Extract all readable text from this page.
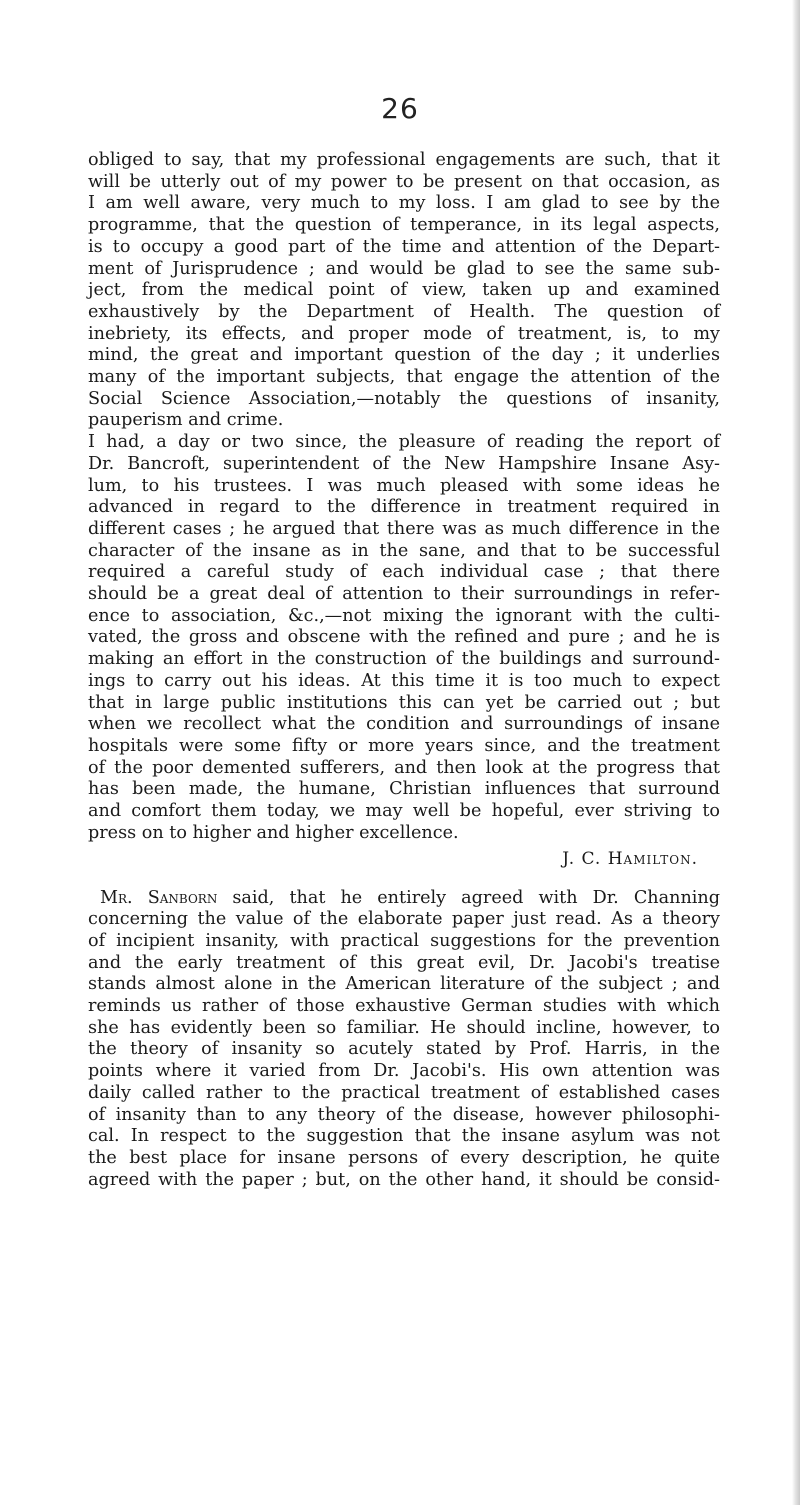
26
obliged to say, that my professional engagements are such, that it
will be utterly out of my power to be present on that occasion, as
I am well aware, very much to my loss. I am glad to see by the
programme, that the question of temperance, in its legal aspects,
is to occupy a good part of the time and attention of the Depart-
ment of Jurisprudence ; and would be glad to see the same sub-
ject, from the medical point of view, taken up and examined
exhaustively by the Department of Health. The question of
inebriety, its effects, and proper mode of treatment, is, to my
mind, the great and important question of the day ; it underlies
many of the important subjects, that engage the attention of the
Social Science Association,—notably the questions of insanity,
pauperism and crime.
I had, a day or two since, the pleasure of reading the report of
Dr. Bancroft, superintendent of the New Hampshire Insane Asy-
lum, to his trustees. I was much pleased with some ideas he
advanced in regard to the difference in treatment required in
different cases ; he argued that there was as much difference in the
character of the insane as in the sane, and that to be successful
required a careful study of each individual case ; that there
should be a great deal of attention to their surroundings in refer-
ence to association, &c.,—not mixing the ignorant with the culti-
vated, the gross and obscene with the refined and pure ; and he is
making an effort in the construction of the buildings and surround-
ings to carry out his ideas. At this time it is too much to expect
that in large public institutions this can yet be carried out ; but
when we recollect what the condition and surroundings of insane
hospitals were some fifty or more years since, and the treatment
of the poor demented sufferers, and then look at the progress that
has been made, the humane, Christian influences that surround
and comfort them today, we may well be hopeful, ever striving to
press on to higher and higher excellence.
J. C. Hamilton.
Mr. Sanborn said, that he entirely agreed with Dr. Channing
concerning the value of the elaborate paper just read. As a theory
of incipient insanity, with practical suggestions for the prevention
and the early treatment of this great evil, Dr. Jacobi's treatise
stands almost alone in the American literature of the subject ; and
reminds us rather of those exhaustive German studies with which
she has evidently been so familiar. He should incline, however, to
the theory of insanity so acutely stated by Prof. Harris, in the
points where it varied from Dr. Jacobi's. His own attention was
daily called rather to the practical treatment of established cases
of insanity than to any theory of the disease, however philosophi-
cal. In respect to the suggestion that the insane asylum was not
the best place for insane persons of every description, he quite
agreed with the paper ; but, on the other hand, it should be consid-
